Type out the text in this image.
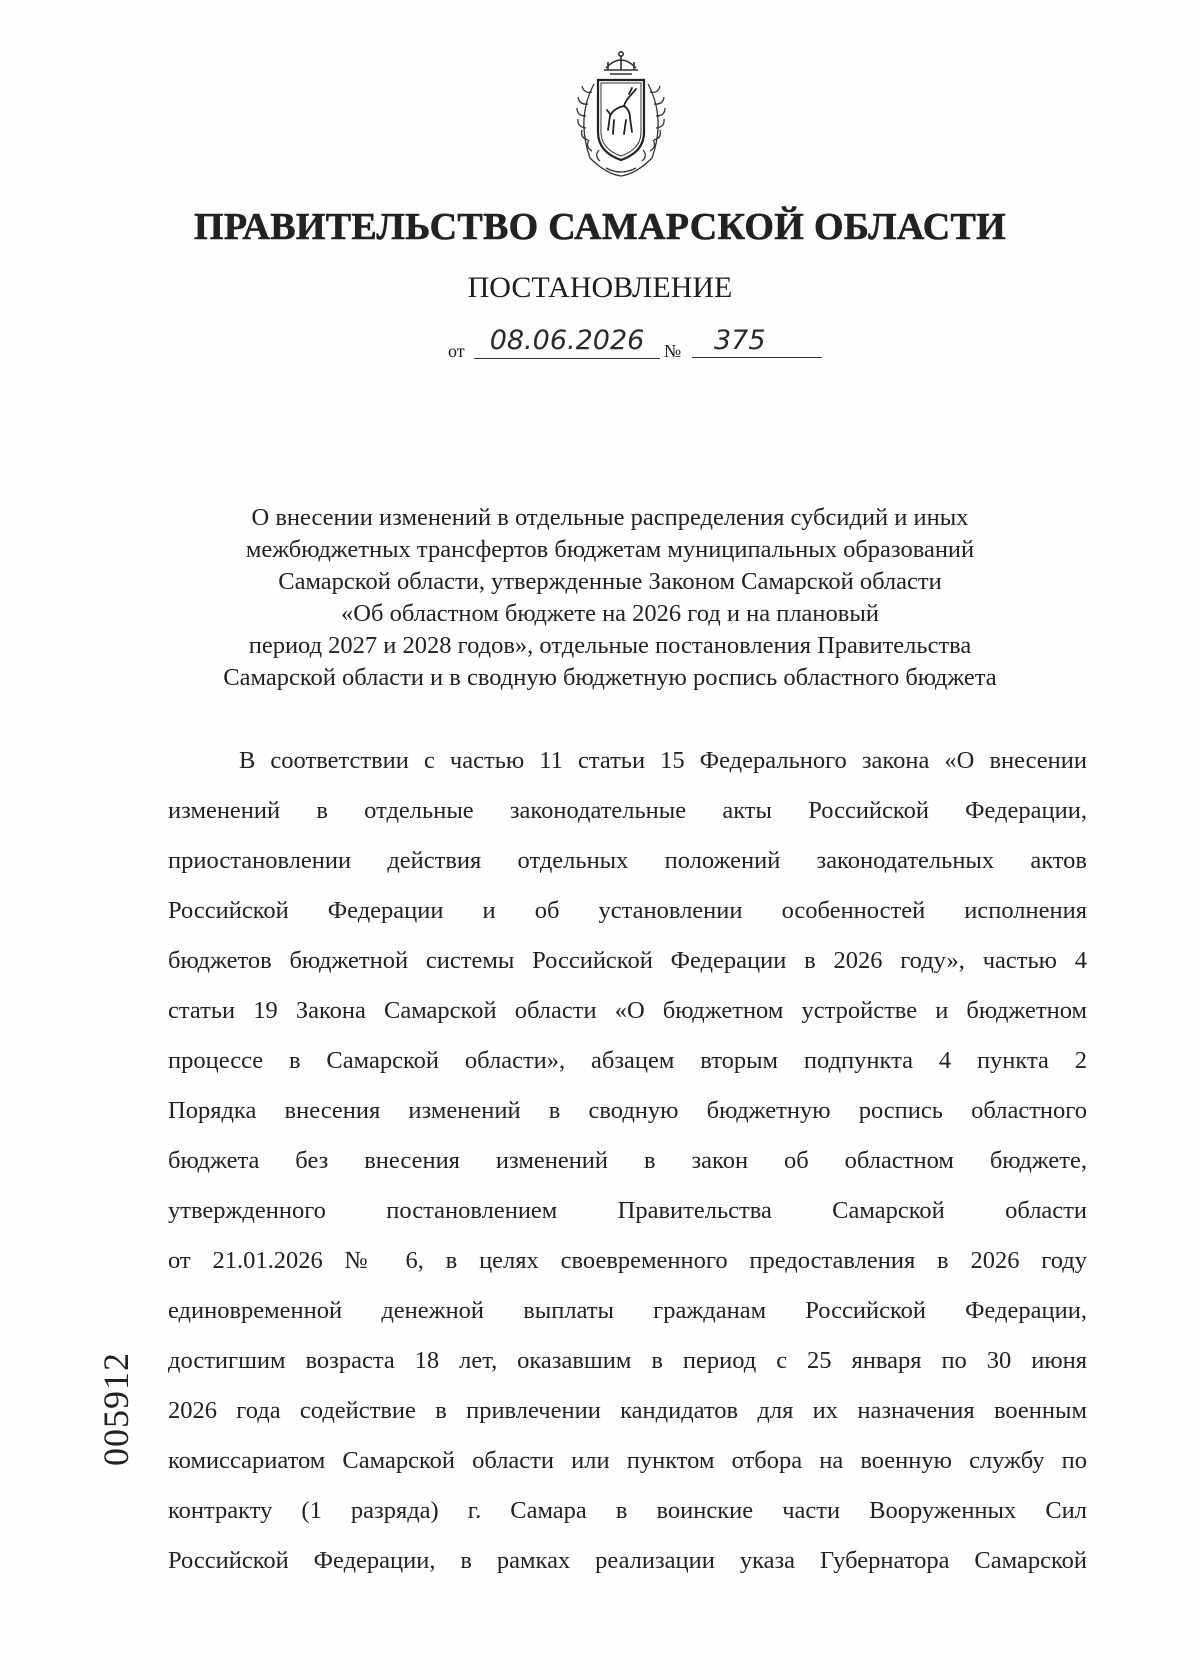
ПРАВИТЕЛЬСТВО САМАРСКОЙ ОБЛАСТИ
ПОСТАНОВЛЕНИЕ
от 08.06.2026	№	375
О внесении изменений в отдельные распределения субсидий и иных
межбюджетных трансфертов бюджетам муниципальных образований
Самарской области, утвержденные Законом Самарской области
«Об областном бюджете на 2026 год и на плановый
период 2027 и 2028 годов», отдельные постановления Правительства
Самарской области и в сводную бюджетную роспись областного бюджета
В соответствии с частью 11 статьи 15 Федерального закона «О внесении
изменений в отдельные законодательные акты Российской Федерации,
приостановлении действия отдельных положений законодательных актов
Российской Федерации и об установлении особенностей исполнения
бюджетов бюджетной системы Российской Федерации в 2026 году», частью 4
статьи 19 Закона Самарской области «О бюджетном устройстве и бюджетном
процессе в Самарской области», абзацем вторым подпункта 4 пункта 2
Порядка внесения изменений в сводную бюджетную роспись областного
бюджета без внесения изменений в закон об областном бюджете,
утвержденного постановлением Правительства Самарской области
от 21.01.2026 № 6, в целях своевременного предоставления в 2026 году
единовременной денежной выплаты гражданам Российской Федерации,
достигшим возраста 18 лет, оказавшим в период с 25 января по 30 июня
2026 года содействие в привлечении кандидатов для их назначения военным
комиссариатом Самарской области или пунктом отбора на военную службу по
контракту (1 разряда) г. Самара в воинские части Вооруженных Сил
Российской Федерации, в рамках реализации указа Губернатора Самарской
005912
